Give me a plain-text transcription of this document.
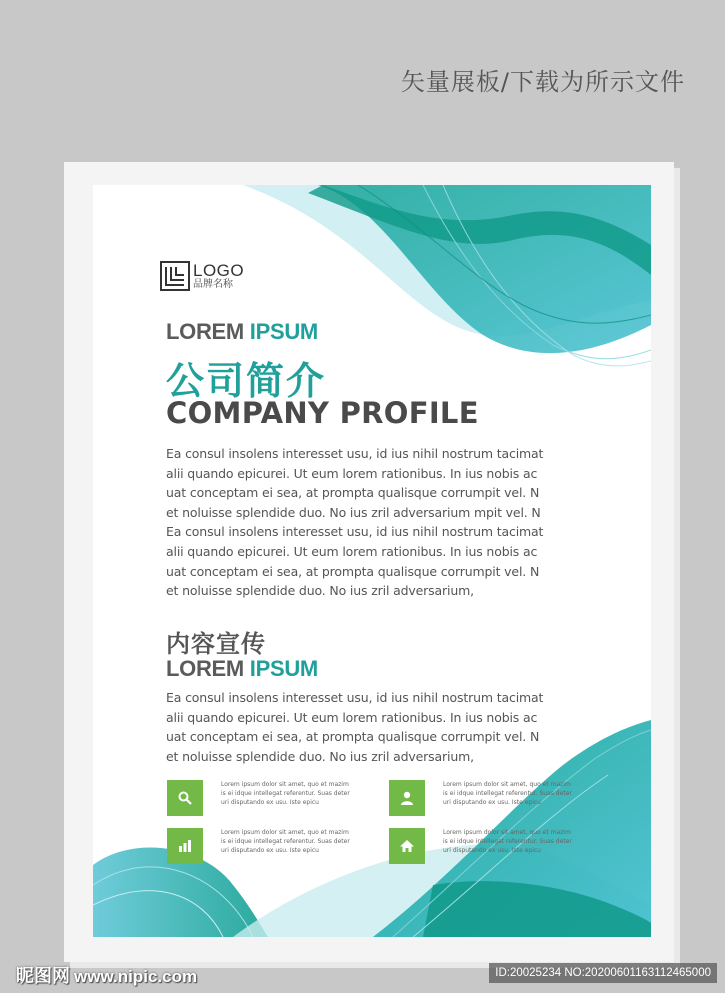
矢量展板/下载为所示文件
LOGO
品牌名称
LOREM IPSUM
公司简介
COMPANY PROFILE
Ea consul insolens interesset usu, id ius nihil nostrum tacimat
alii quando epicurei. Ut eum lorem rationibus. In ius nobis ac
uat conceptam ei sea, at prompta qualisque corrumpit vel. N
et noluisse splendide duo. No ius zril adversarium mpit vel. N
Ea consul insolens interesset usu, id ius nihil nostrum tacimat
alii quando epicurei. Ut eum lorem rationibus. In ius nobis ac
uat conceptam ei sea, at prompta qualisque corrumpit vel. N
et noluisse splendide duo. No ius zril adversarium,
内容宣传
LOREM IPSUM
Ea consul insolens interesset usu, id ius nihil nostrum tacimat
alii quando epicurei. Ut eum lorem rationibus. In ius nobis ac
uat conceptam ei sea, at prompta qualisque corrumpit vel. N
et noluisse splendide duo. No ius zril adversarium,
Lorem ipsum dolor sit amet, quo et mazim
is ei idque intellegat referentur. Suas deter
uri disputando ex usu. Iste epicu
Lorem ipsum dolor sit amet, quo et mazim
is ei idque intellegat referentur. Suas deter
uri disputando ex usu. Iste epicu
Lorem ipsum dolor sit amet, quo et mazim
is ei idque intellegat referentur. Suas deter
uri disputando ex usu. Iste epicu
Lorem ipsum dolor sit amet, quo et mazim
is ei idque intellegat referentur. Suas deter
uri disputando ex usu. Iste epicu
昵图网 www.nipic.com	ID:20025234 NO:20200601163112465000
